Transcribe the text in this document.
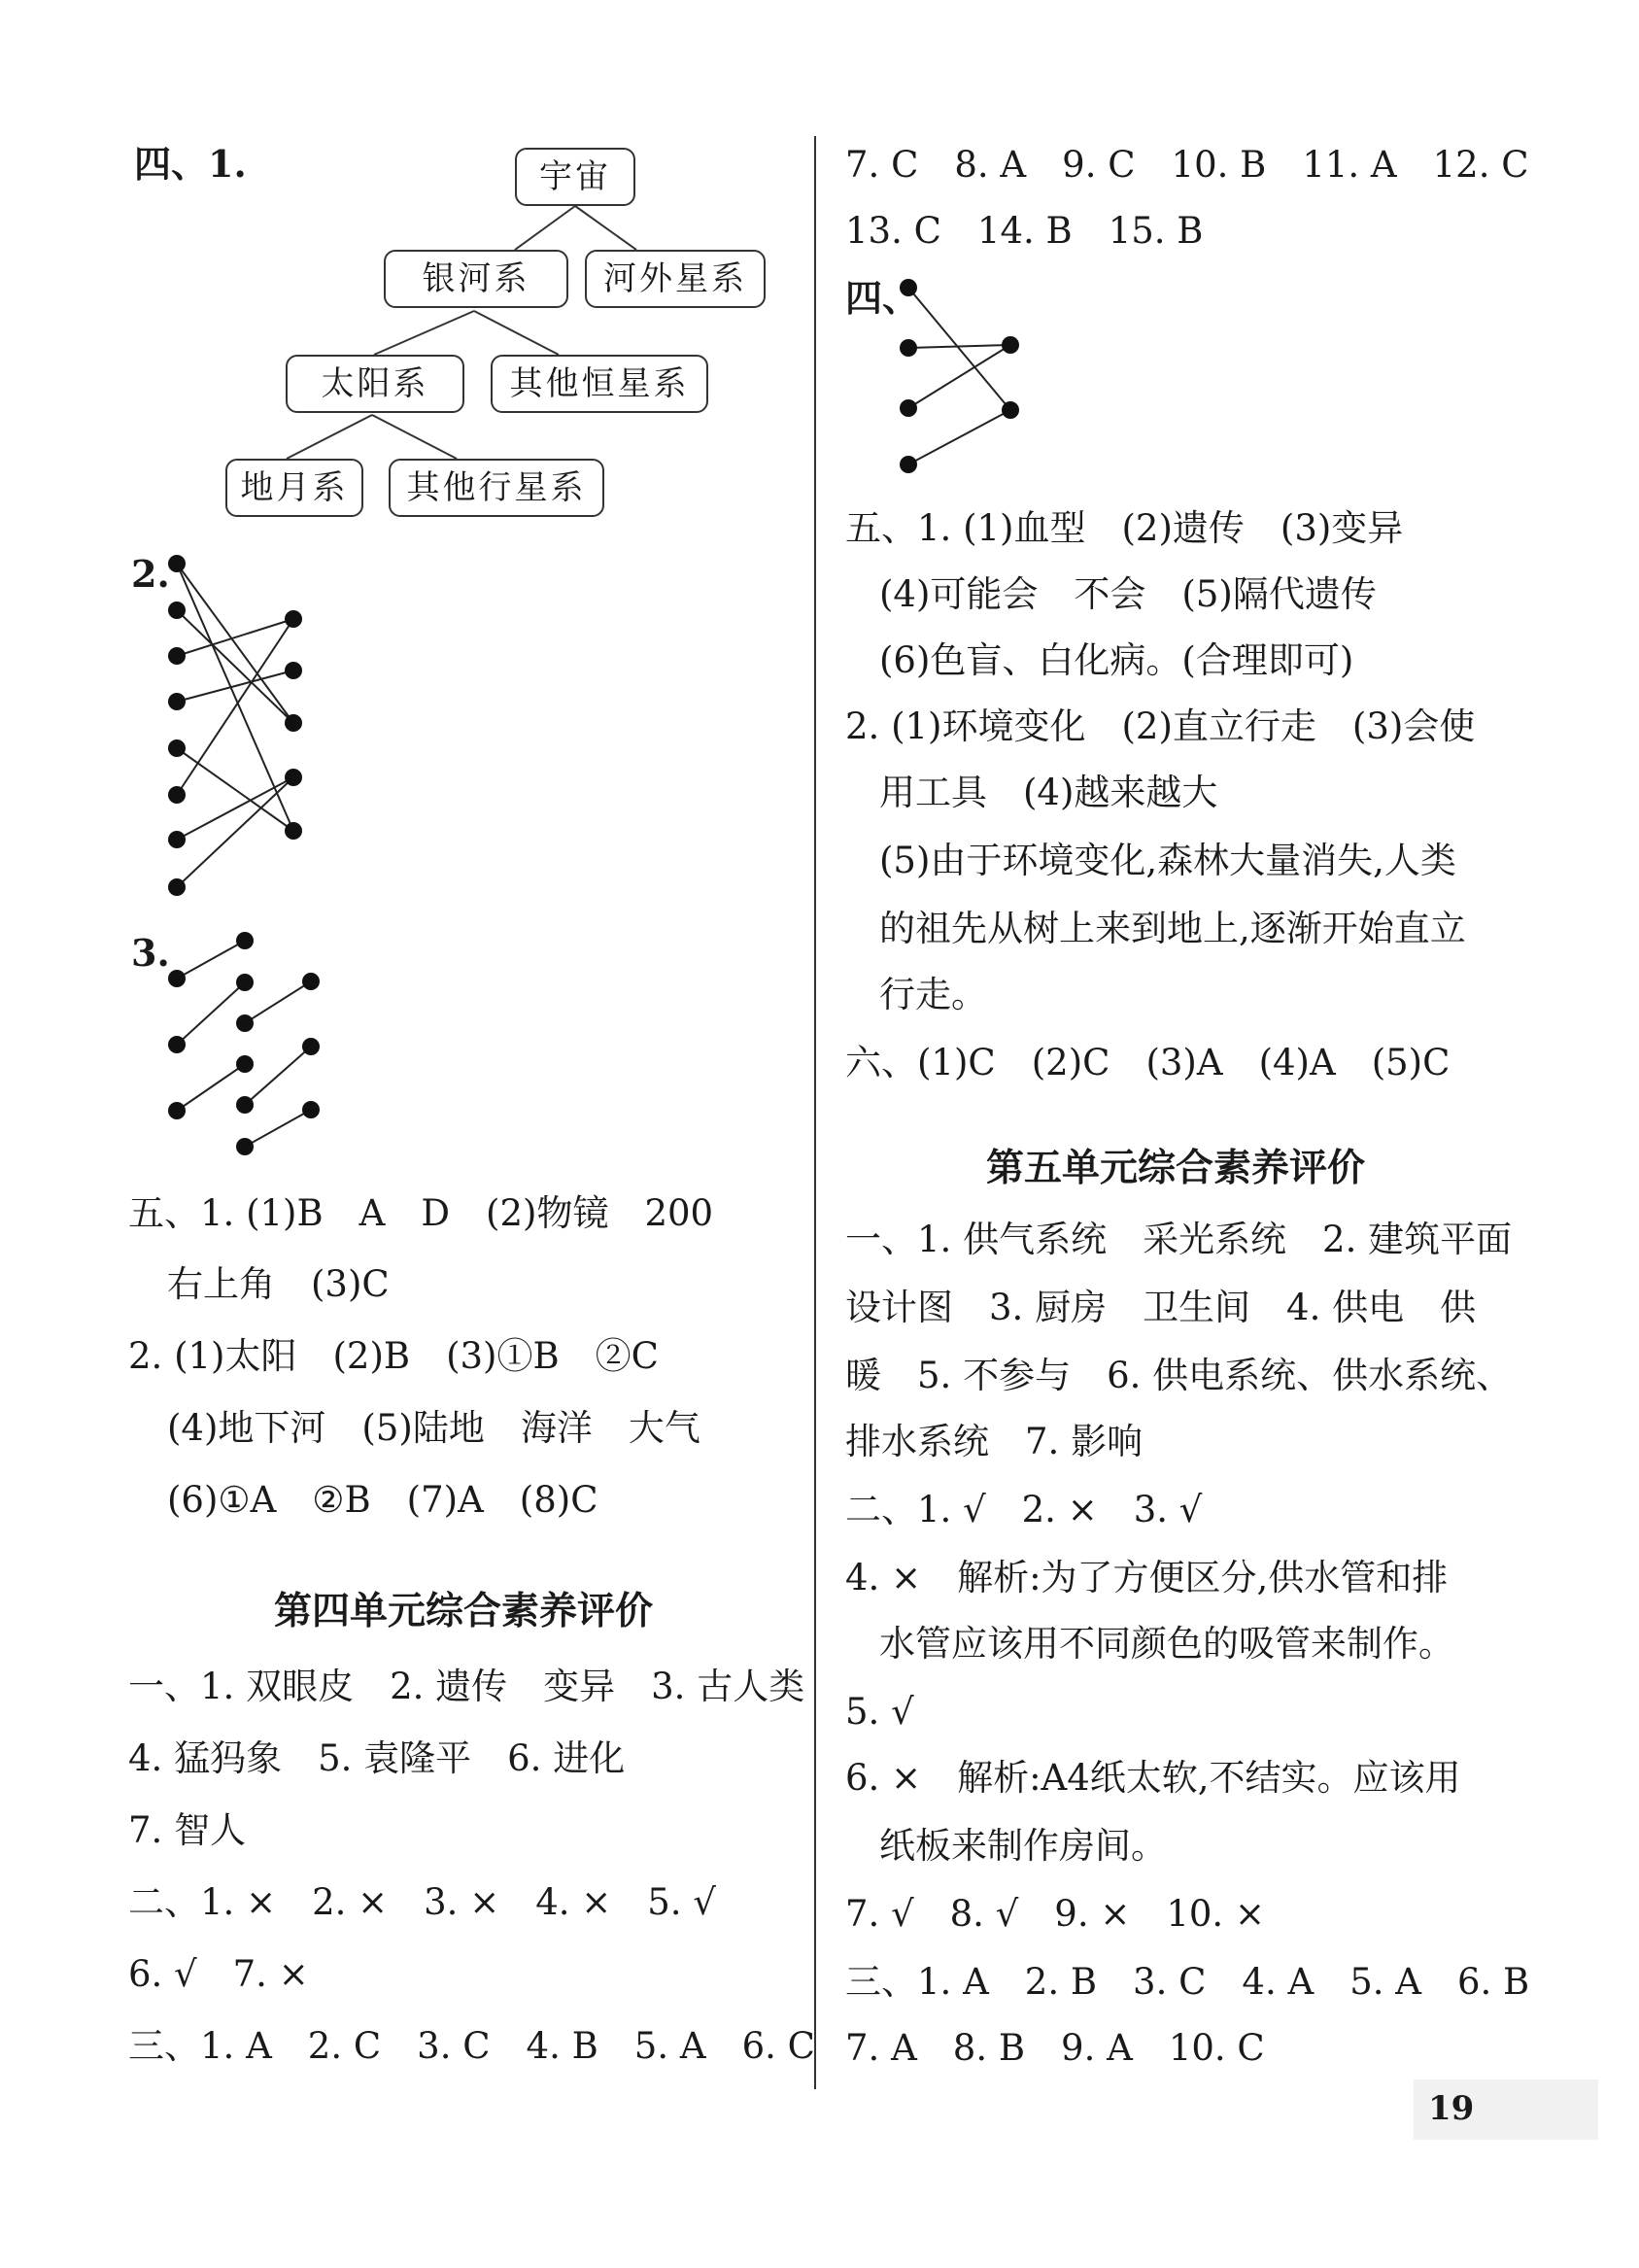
四、1.	宇宙
银河系	河外星系
太阳系	其他恒星系
地月系	其他行星系
2.
3.
五、1. (1)B　A　D　(2)物镜　200
右上角　(3)C
2. (1)太阳　(2)B　(3)①B　②C
(4)地下河　(5)陆地　海洋　大气
(6)①A　②B　(7)A　(8)C
第四单元综合素养评价
一、1. 双眼皮　2. 遗传　变异　3. 古人类
4. 猛犸象　5. 袁隆平　6. 进化
7. 智人
二、1. ×　2. ×　3. ×　4. ×　5. √
6. √　7. ×
三、1. A　2. C　3. C　4. B　5. A　6. C
7. C　8. A　9. C　10. B　11. A　12. C
13. C　14. B　15. B
四、
五、1. (1)血型　(2)遗传　(3)变异
(4)可能会　不会　(5)隔代遗传
(6)色盲、白化病。(合理即可)
2. (1)环境变化　(2)直立行走　(3)会使
用工具　(4)越来越大
(5)由于环境变化,森林大量消失,人类
的祖先从树上来到地上,逐渐开始直立
行走。
六、(1)C　(2)C　(3)A　(4)A　(5)C
第五单元综合素养评价
一、1. 供气系统　采光系统　2. 建筑平面
设计图　3. 厨房　卫生间　4. 供电　供
暖　5. 不参与　6. 供电系统、供水系统、
排水系统　7. 影响
二、1. √　2. ×　3. √
4. ×　解析:为了方便区分,供水管和排
水管应该用不同颜色的吸管来制作。
5. √
6. ×　解析:A4纸太软,不结实。应该用
纸板来制作房间。
7. √　8. √　9. ×　10. ×
三、1. A　2. B　3. C　4. A　5. A　6. B
7. A　8. B　9. A　10. C
19
